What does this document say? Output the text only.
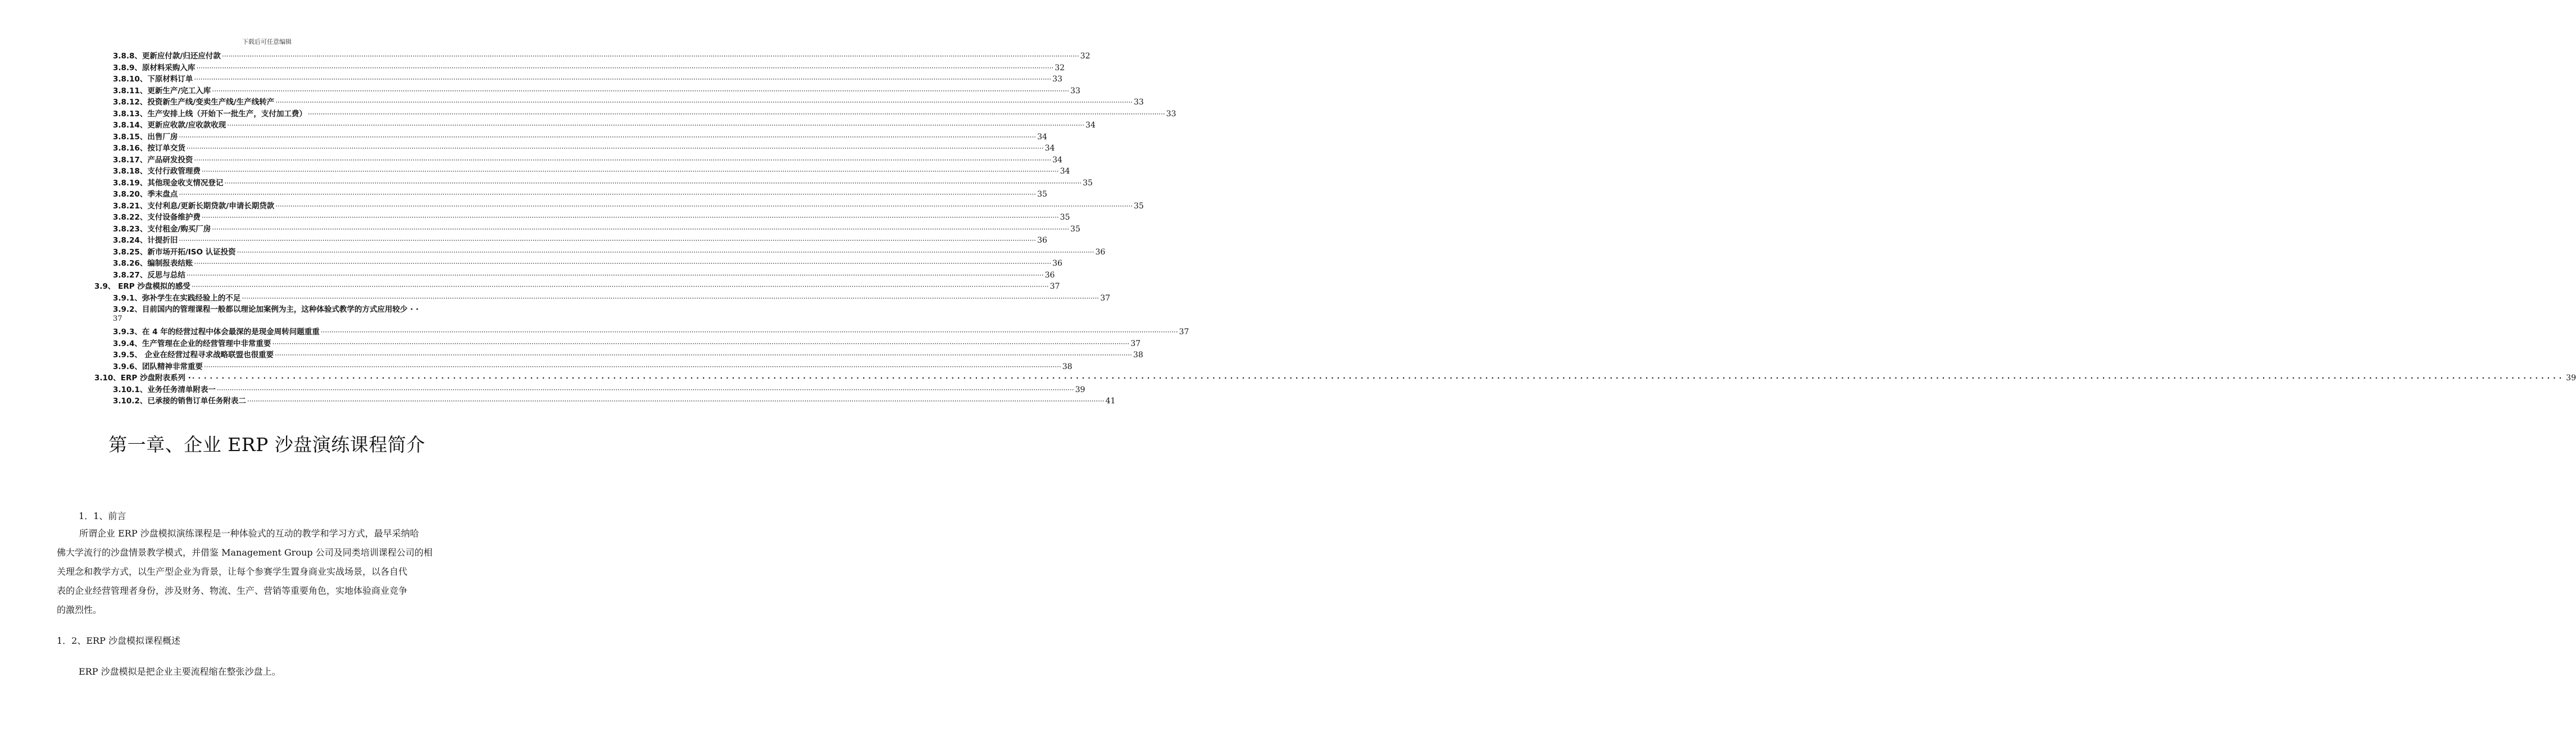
下载后可任意编辑
3.8.8、更新应付款/归还应付款 ················································································································································································································································································································································································································ 32
3.8.9、原材料采购入库 ················································································································································································································································································································································································································ 32
3.8.10、下原材料订单 ················································································································································································································································································································································································································ 33
3.8.11、更新生产/完工入库 ················································································································································································································································································································································································································ 33
3.8.12、投资新生产线/变卖生产线/生产线转产 ················································································································································································································································································································································································································ 33
3.8.13、生产安排上线（开始下一批生产，支付加工费） ················································································································································································································································································································································································································ 33
3.8.14、更新应收款/应收款收现 ················································································································································································································································································································································································································ 34
3.8.15、出售厂房 ················································································································································································································································································································································································································ 34
3.8.16、按订单交货 ················································································································································································································································································································································································································ 34
3.8.17、产品研发投资 ················································································································································································································································································································································································································ 34
3.8.18、支付行政管理费 ················································································································································································································································································································································································································ 34
3.8.19、其他现金收支情况登记 ················································································································································································································································································································································································································ 35
3.8.20、季末盘点 ················································································································································································································································································································································································································ 35
3.8.21、支付利息/更新长期贷款/申请长期贷款 ················································································································································································································································································································································································································ 35
3.8.22、支付设备维护费 ················································································································································································································································································································································································································ 35
3.8.23、支付租金/购买厂房 ················································································································································································································································································································································································································ 35
3.8.24、计提折旧 ················································································································································································································································································································································································································ 36
3.8.25、新市场开拓/ISO 认证投资 ················································································································································································································································································································································································································ 36
3.8.26、编制报表结账 ················································································································································································································································································································································································································ 36
3.8.27、反思与总结 ················································································································································································································································································································································································································ 36
3.9、 ERP 沙盘模拟的感受 ················································································································································································································································································································································································································ 37
3.9.1、弥补学生在实践经验上的不足 ················································································································································································································································································································································································································ 37
3.9.2、目前国内的管理课程一般都以理论加案例为主，这种体验式教学的方式应用较少 · ·
37
3.9.3、在 4 年的经营过程中体会最深的是现金周转问题重重 ················································································································································································································································································································································································································ 37
3.9.4、生产管理在企业的经营管理中非常重要 ················································································································································································································································································································································································································ 37
3.9.5、 企业在经营过程寻求战略联盟也很重要 ················································································································································································································································································································································································································ 38
3.9.6、团队精神非常重要 ················································································································································································································································································································································································································ 38
3.10、ERP 沙盘附表系列 · ················································································································································································································································································································································································································ 39
3.10.1、业务任务清单附表一 ················································································································································································································································································································································································································ 39
3.10.2、已承接的销售订单任务附表二 ················································································································································································································································································································································································································ 41
第一章、企业 ERP 沙盘演练课程简介
1．1、前言
所谓企业 ERP 沙盘模拟演练课程是一种体验式的互动的教学和学习方式，最早采纳哈
佛大学流行的沙盘情景教学模式，并借鉴 Management Group 公司及同类培训课程公司的相
关理念和教学方式，以生产型企业为背景，让每个参赛学生置身商业实战场景，以各自代
表的企业经营管理者身份，涉及财务、物流、生产、营销等重要角色，实地体验商业竞争
的激烈性。
1．2、ERP 沙盘模拟课程概述
ERP 沙盘模拟是把企业主要流程缩在整张沙盘上。
